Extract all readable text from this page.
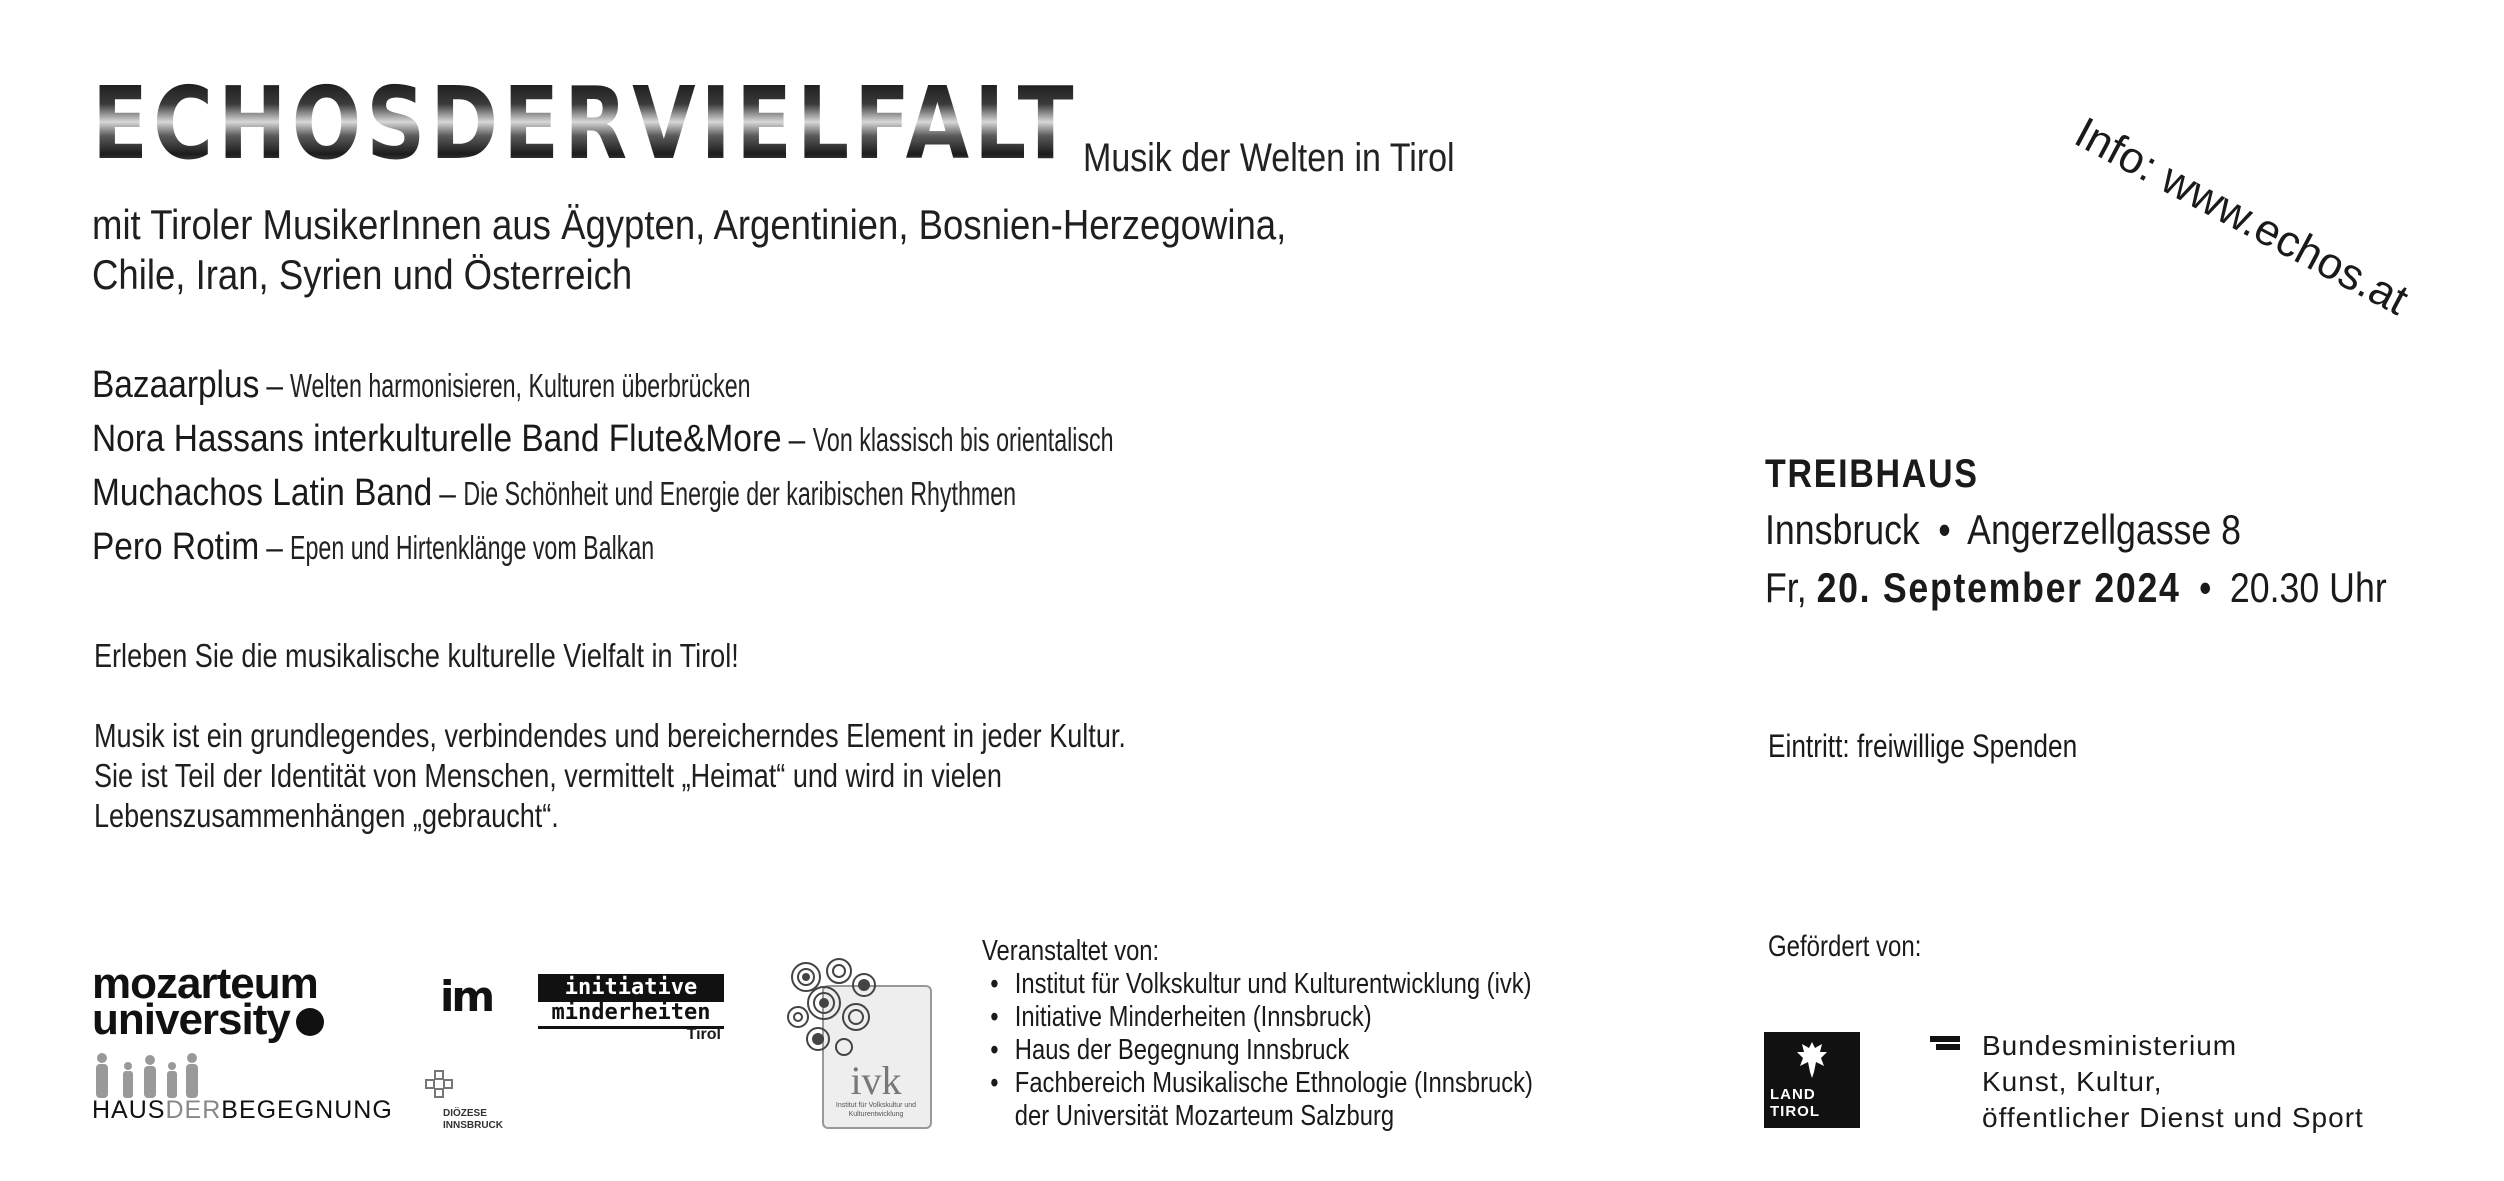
ECHOSDERVIELFALT Musik der Welten in Tirol
mit Tiroler MusikerInnen aus Ägypten, Argentinien, Bosnien-Herzegowina,
Chile, Iran, Syrien und Österreich	Info: www.echos.at
Bazaarplus – Welten harmonisieren, Kulturen überbrücken
Nora Hassans interkulturelle Band Flute&More – Von klassisch bis orientalisch
Muchachos Latin Band – Die Schönheit und Energie der karibischen Rhythmen
Pero Rotim – Epen und Hirtenklänge vom Balkan
Erleben Sie die musikalische kulturelle Vielfalt in Tirol!
Musik ist ein grundlegendes, verbindendes und bereicherndes Element in jeder Kultur.
Sie ist Teil der Identität von Menschen, vermittelt „Heimat“ und wird in vielen
Lebenszusammenhängen „gebraucht“.
TREIBHAUS
Innsbruck • Angerzellgasse 8
Fr, 20. September 2024 • 20.30 Uhr
Eintritt: freiwillige Spenden
Gefördert von:
mozarteum
university	im	initiative
minderheiten
Tirol
HAUSDERBEGEGNUNG	DIÖZESE
INNSBRUCK
ivk
Institut für Volkskultur und Kulturentwicklung
Veranstaltet von:
• Institut für Volkskultur und Kulturentwicklung (ivk)
• Initiative Minderheiten (Innsbruck)
• Haus der Begegnung Innsbruck
• Fachbereich Musikalische Ethnologie (Innsbruck)
der Universität Mozarteum Salzburg
LAND
TIROL
Bundesministerium
Kunst, Kultur,
öffentlicher Dienst und Sport
